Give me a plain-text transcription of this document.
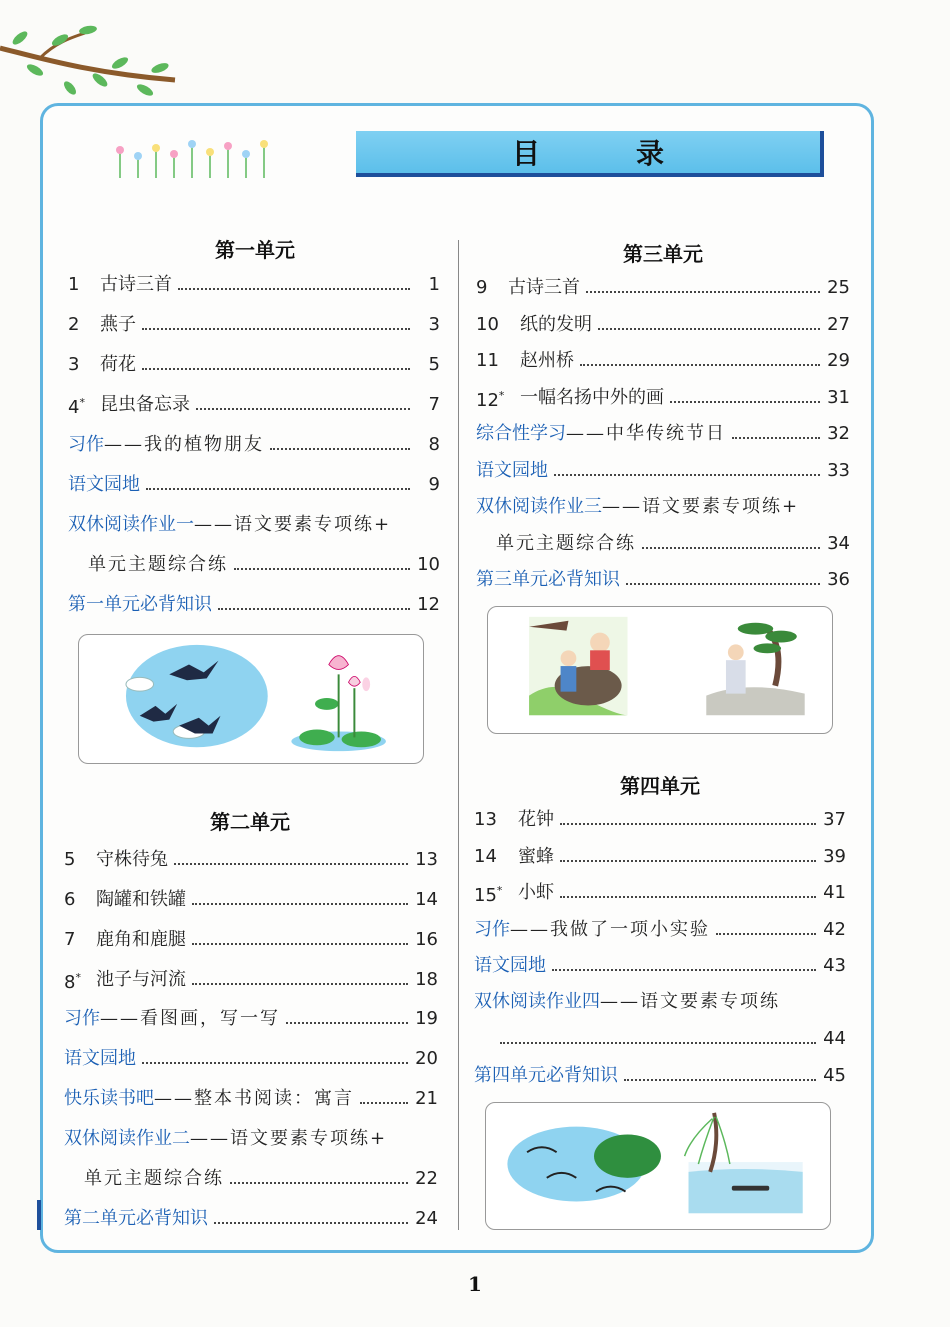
目　录
第一单元
第二单元
第三单元
第四单元
1	古诗三首	1
2	燕子	3
3	荷花	5
4* 昆虫备忘录	7
习作——我的植物朋友	8
语文园地	9
双休阅读作业一——语文要素专项练+
单元主题综合练	10
第一单元必背知识	12
5	守株待兔	13
6	陶罐和铁罐	14
7	鹿角和鹿腿	16
8* 池子与河流	18
习作——看图画，写一写	19
语文园地	20
快乐读书吧——整本书阅读：寓言	21
双休阅读作业二——语文要素专项练+
单元主题综合练	22
第二单元必背知识	24
9	古诗三首	25
10	纸的发明	27
11	赵州桥	29
12* 一幅名扬中外的画	31
综合性学习——中华传统节日	32
语文园地	33
双休阅读作业三——语文要素专项练+
单元主题综合练	34
第三单元必背知识	36
13	花钟	37
14	蜜蜂	39
15* 小虾	41
习作——我做了一项小实验	42
语文园地	43
双休阅读作业四——语文要素专项练
44
第四单元必背知识	45
1
